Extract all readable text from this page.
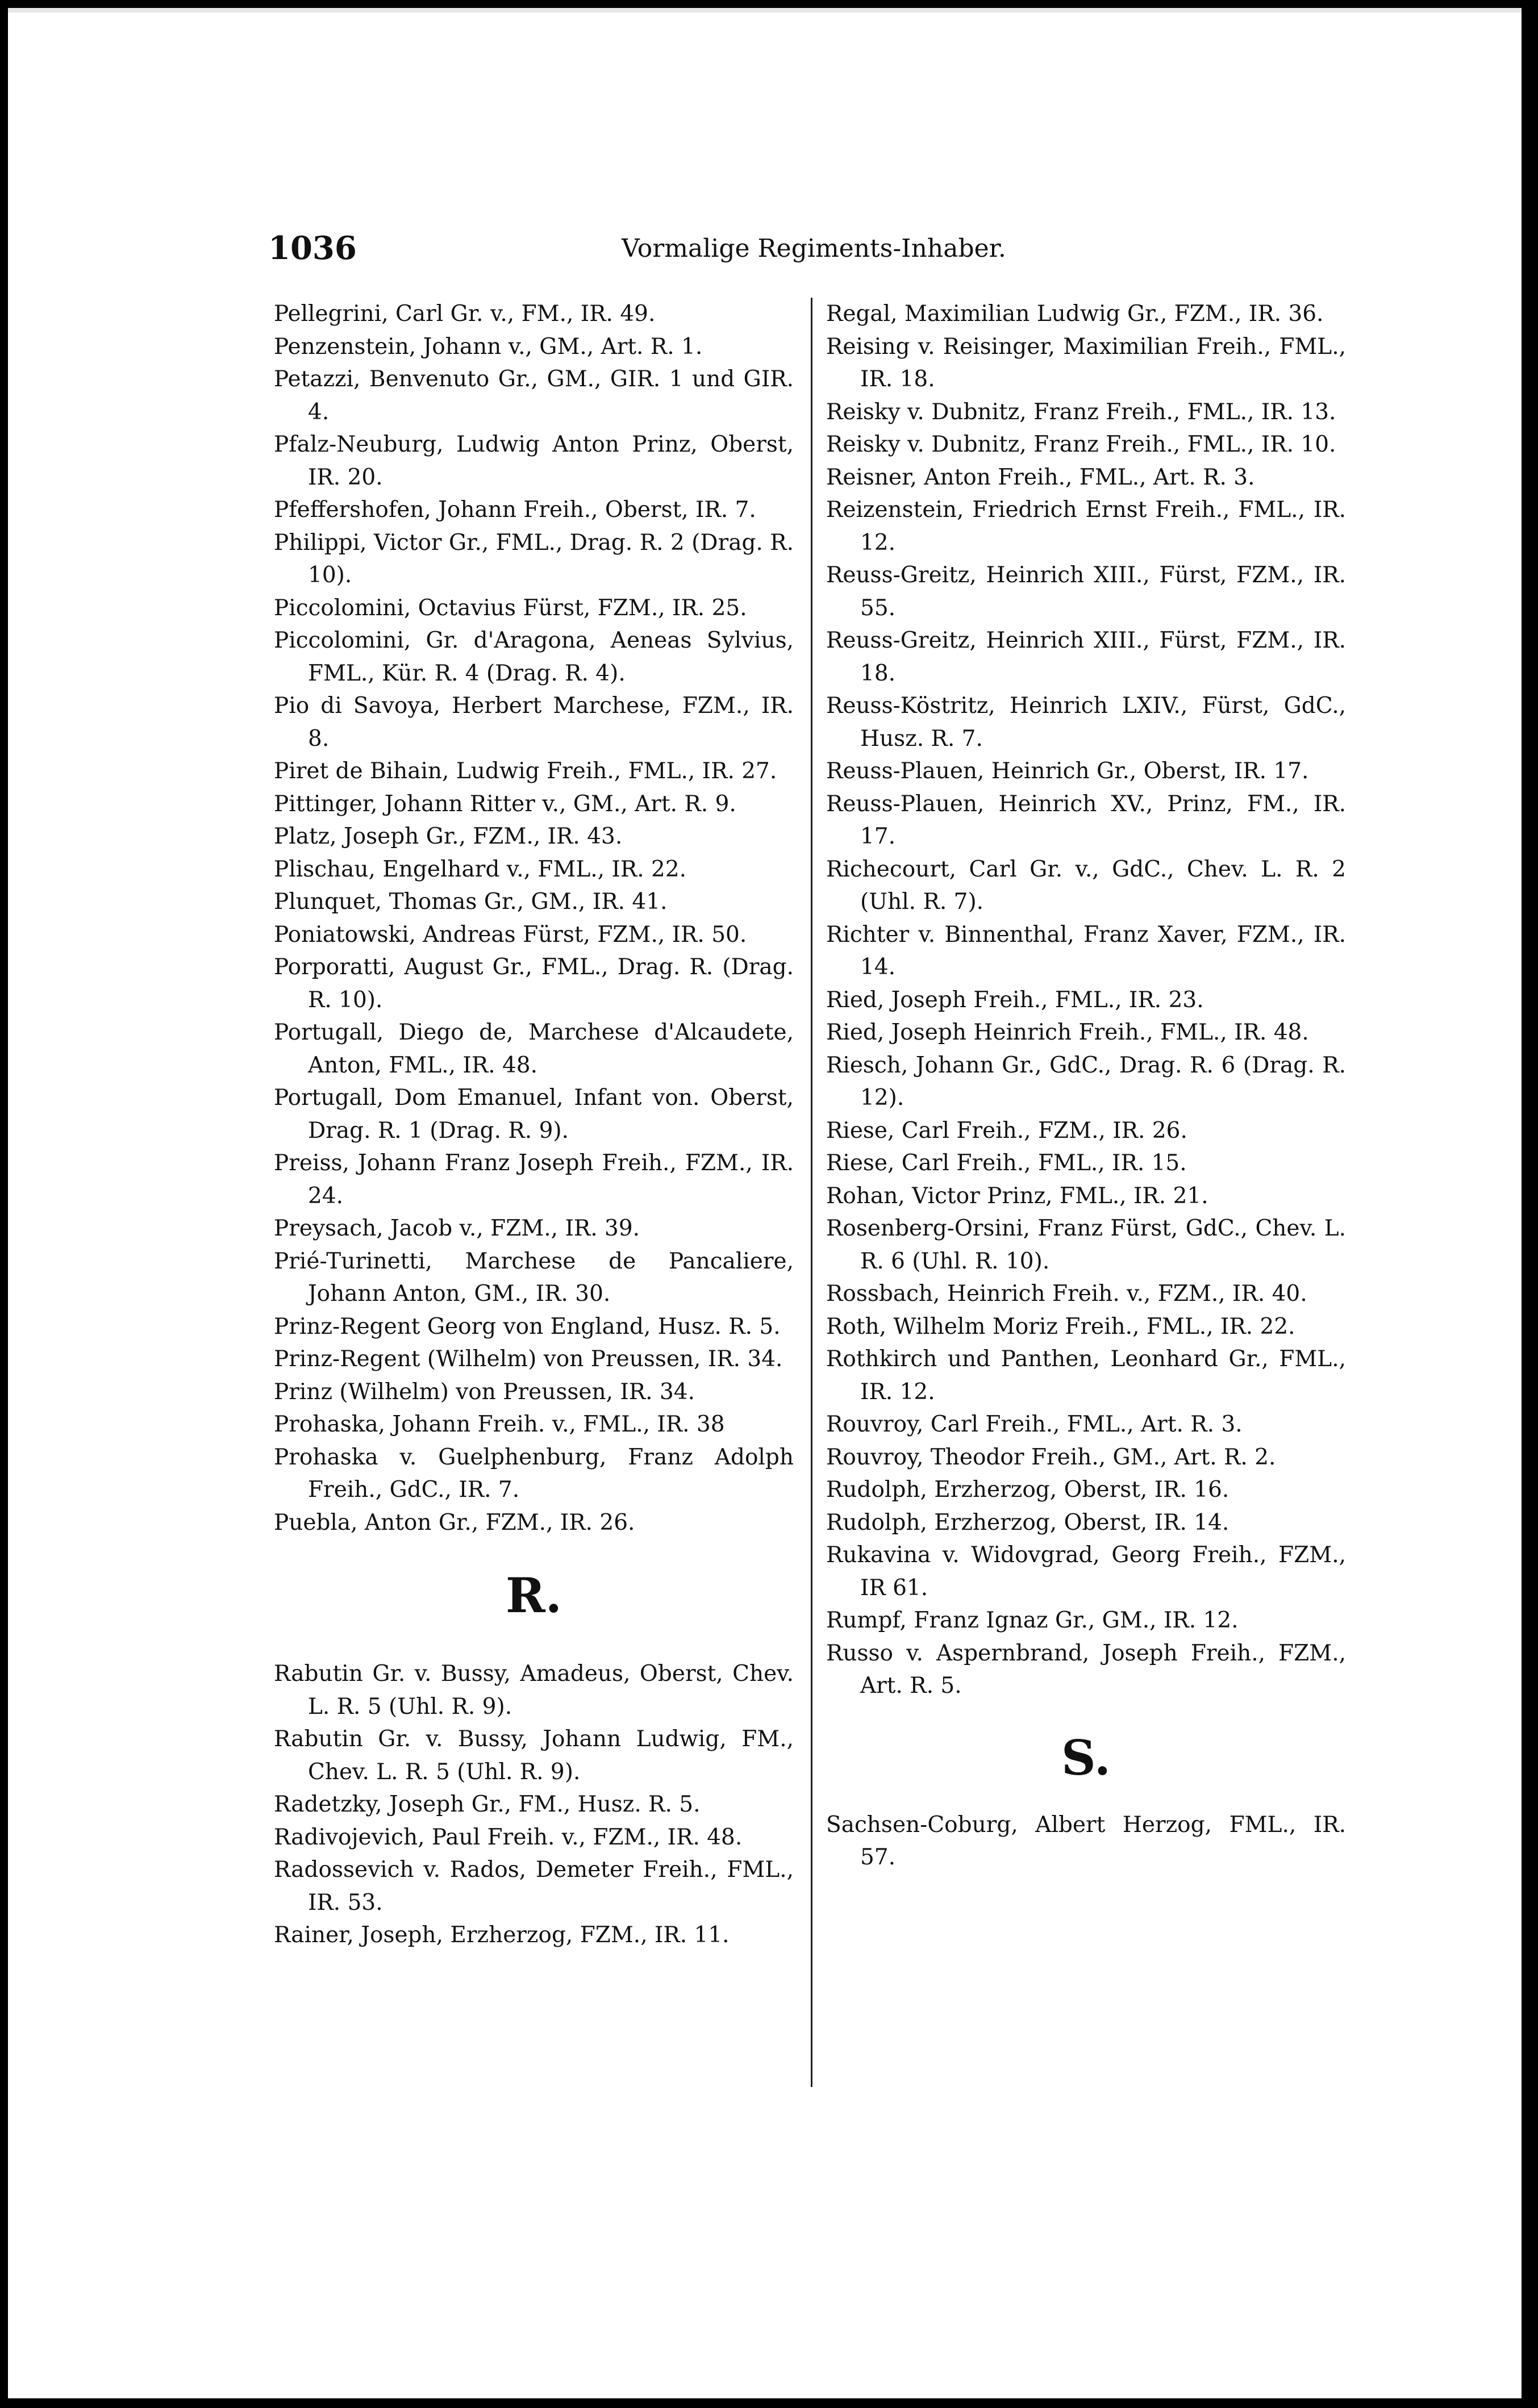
1036	Vormalige Regiments-Inhaber.

Pellegrini, Carl Gr. v., FM., IR. 49.

Penzenstein, Johann v., GM., Art. R. 1.

Petazzi, Benvenuto Gr., GM., GIR. 1 und GIR. 4.

Pfalz-Neuburg, Ludwig Anton Prinz, Oberst, IR. 20.

Pfeffershofen, Johann Freih., Oberst, IR. 7.

Philippi, Victor Gr., FML., Drag. R. 2 (Drag. R. 10).

Piccolomini, Octavius Fürst, FZM., IR. 25.

Piccolomini, Gr. d'Aragona, Aeneas Sylvius, FML., Kür. R. 4 (Drag. R. 4).

Pio di Savoya, Herbert Marchese, FZM., IR. 8.

Piret de Bihain, Ludwig Freih., FML., IR. 27.

Pittinger, Johann Ritter v., GM., Art. R. 9.

Platz, Joseph Gr., FZM., IR. 43.

Plischau, Engelhard v., FML., IR. 22.

Plunquet, Thomas Gr., GM., IR. 41.

Poniatowski, Andreas Fürst, FZM., IR. 50.

Porporatti, August Gr., FML., Drag. R. (Drag. R. 10).

Portugall, Diego de, Marchese d'Alcaudete, Anton, FML., IR. 48.

Portugall, Dom Emanuel, Infant von. Oberst, Drag. R. 1 (Drag. R. 9).

Preiss, Johann Franz Joseph Freih., FZM., IR. 24.

Preysach, Jacob v., FZM., IR. 39.

Prié-Turinetti, Marchese de Pancaliere, Johann Anton, GM., IR. 30.

Prinz-Regent Georg von England, Husz. R. 5.

Prinz-Regent (Wilhelm) von Preussen, IR. 34.

Prinz (Wilhelm) von Preussen, IR. 34.

Prohaska, Johann Freih. v., FML., IR. 38

Prohaska v. Guelphenburg, Franz Adolph Freih., GdC., IR. 7.

Puebla, Anton Gr., FZM., IR. 26.

R.

Rabutin Gr. v. Bussy, Amadeus, Oberst, Chev. L. R. 5 (Uhl. R. 9).

Rabutin Gr. v. Bussy, Johann Ludwig, FM., Chev. L. R. 5 (Uhl. R. 9).

Radetzky, Joseph Gr., FM., Husz. R. 5.

Radivojevich, Paul Freih. v., FZM., IR. 48.

Radossevich v. Rados, Demeter Freih., FML., IR. 53.

Rainer, Joseph, Erzherzog, FZM., IR. 11.

Regal, Maximilian Ludwig Gr., FZM., IR. 36.

Reising v. Reisinger, Maximilian Freih., FML., IR. 18.

Reisky v. Dubnitz, Franz Freih., FML., IR. 13.

Reisky v. Dubnitz, Franz Freih., FML., IR. 10.

Reisner, Anton Freih., FML., Art. R. 3.

Reizenstein, Friedrich Ernst Freih., FML., IR. 12.

Reuss-Greitz, Heinrich XIII., Fürst, FZM., IR. 55.

Reuss-Greitz, Heinrich XIII., Fürst, FZM., IR. 18.

Reuss-Köstritz, Heinrich LXIV., Fürst, GdC., Husz. R. 7.

Reuss-Plauen, Heinrich Gr., Oberst, IR. 17.

Reuss-Plauen, Heinrich XV., Prinz, FM., IR. 17.

Richecourt, Carl Gr. v., GdC., Chev. L. R. 2 (Uhl. R. 7).

Richter v. Binnenthal, Franz Xaver, FZM., IR. 14.

Ried, Joseph Freih., FML., IR. 23.

Ried, Joseph Heinrich Freih., FML., IR. 48.

Riesch, Johann Gr., GdC., Drag. R. 6 (Drag. R. 12).

Riese, Carl Freih., FZM., IR. 26.

Riese, Carl Freih., FML., IR. 15.

Rohan, Victor Prinz, FML., IR. 21.

Rosenberg-Orsini, Franz Fürst, GdC., Chev. L. R. 6 (Uhl. R. 10).

Rossbach, Heinrich Freih. v., FZM., IR. 40.

Roth, Wilhelm Moriz Freih., FML., IR. 22.

Rothkirch und Panthen, Leonhard Gr., FML., IR. 12.

Rouvroy, Carl Freih., FML., Art. R. 3.

Rouvroy, Theodor Freih., GM., Art. R. 2.

Rudolph, Erzherzog, Oberst, IR. 16.

Rudolph, Erzherzog, Oberst, IR. 14.

Rukavina v. Widovgrad, Georg Freih., FZM., IR 61.

Rumpf, Franz Ignaz Gr., GM., IR. 12.

Russo v. Aspernbrand, Joseph Freih., FZM., Art. R. 5.

S.

Sachsen-Coburg, Albert Herzog, FML., IR. 57.
